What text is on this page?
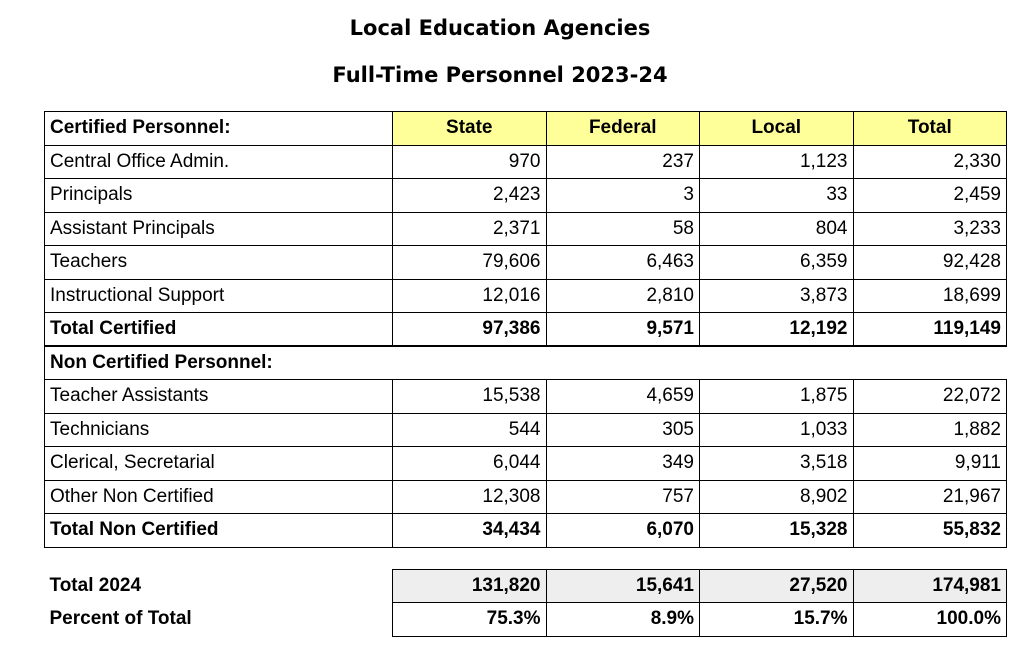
Local Education Agencies
Full-Time Personnel 2023-24
Certified Personnel:	State	Federal	Local	Total
Central Office Admin.	970	237	1,123	2,330
Principals	2,423	3	33	2,459
Assistant Principals	2,371	58	804	3,233
Teachers	79,606	6,463	6,359	92,428
Instructional Support	12,016	2,810	3,873	18,699
Total Certified	97,386	9,571	12,192	119,149
Non Certified Personnel:				
Teacher Assistants	15,538	4,659	1,875	22,072
Technicians	544	305	1,033	1,882
Clerical, Secretarial	6,044	349	3,518	9,911
Other Non Certified	12,308	757	8,902	21,967
Total Non Certified	34,434	6,070	15,328	55,832

Total 2024	131,820	15,641	27,520	174,981
Percent of Total	75.3%	8.9%	15.7%	100.0%
